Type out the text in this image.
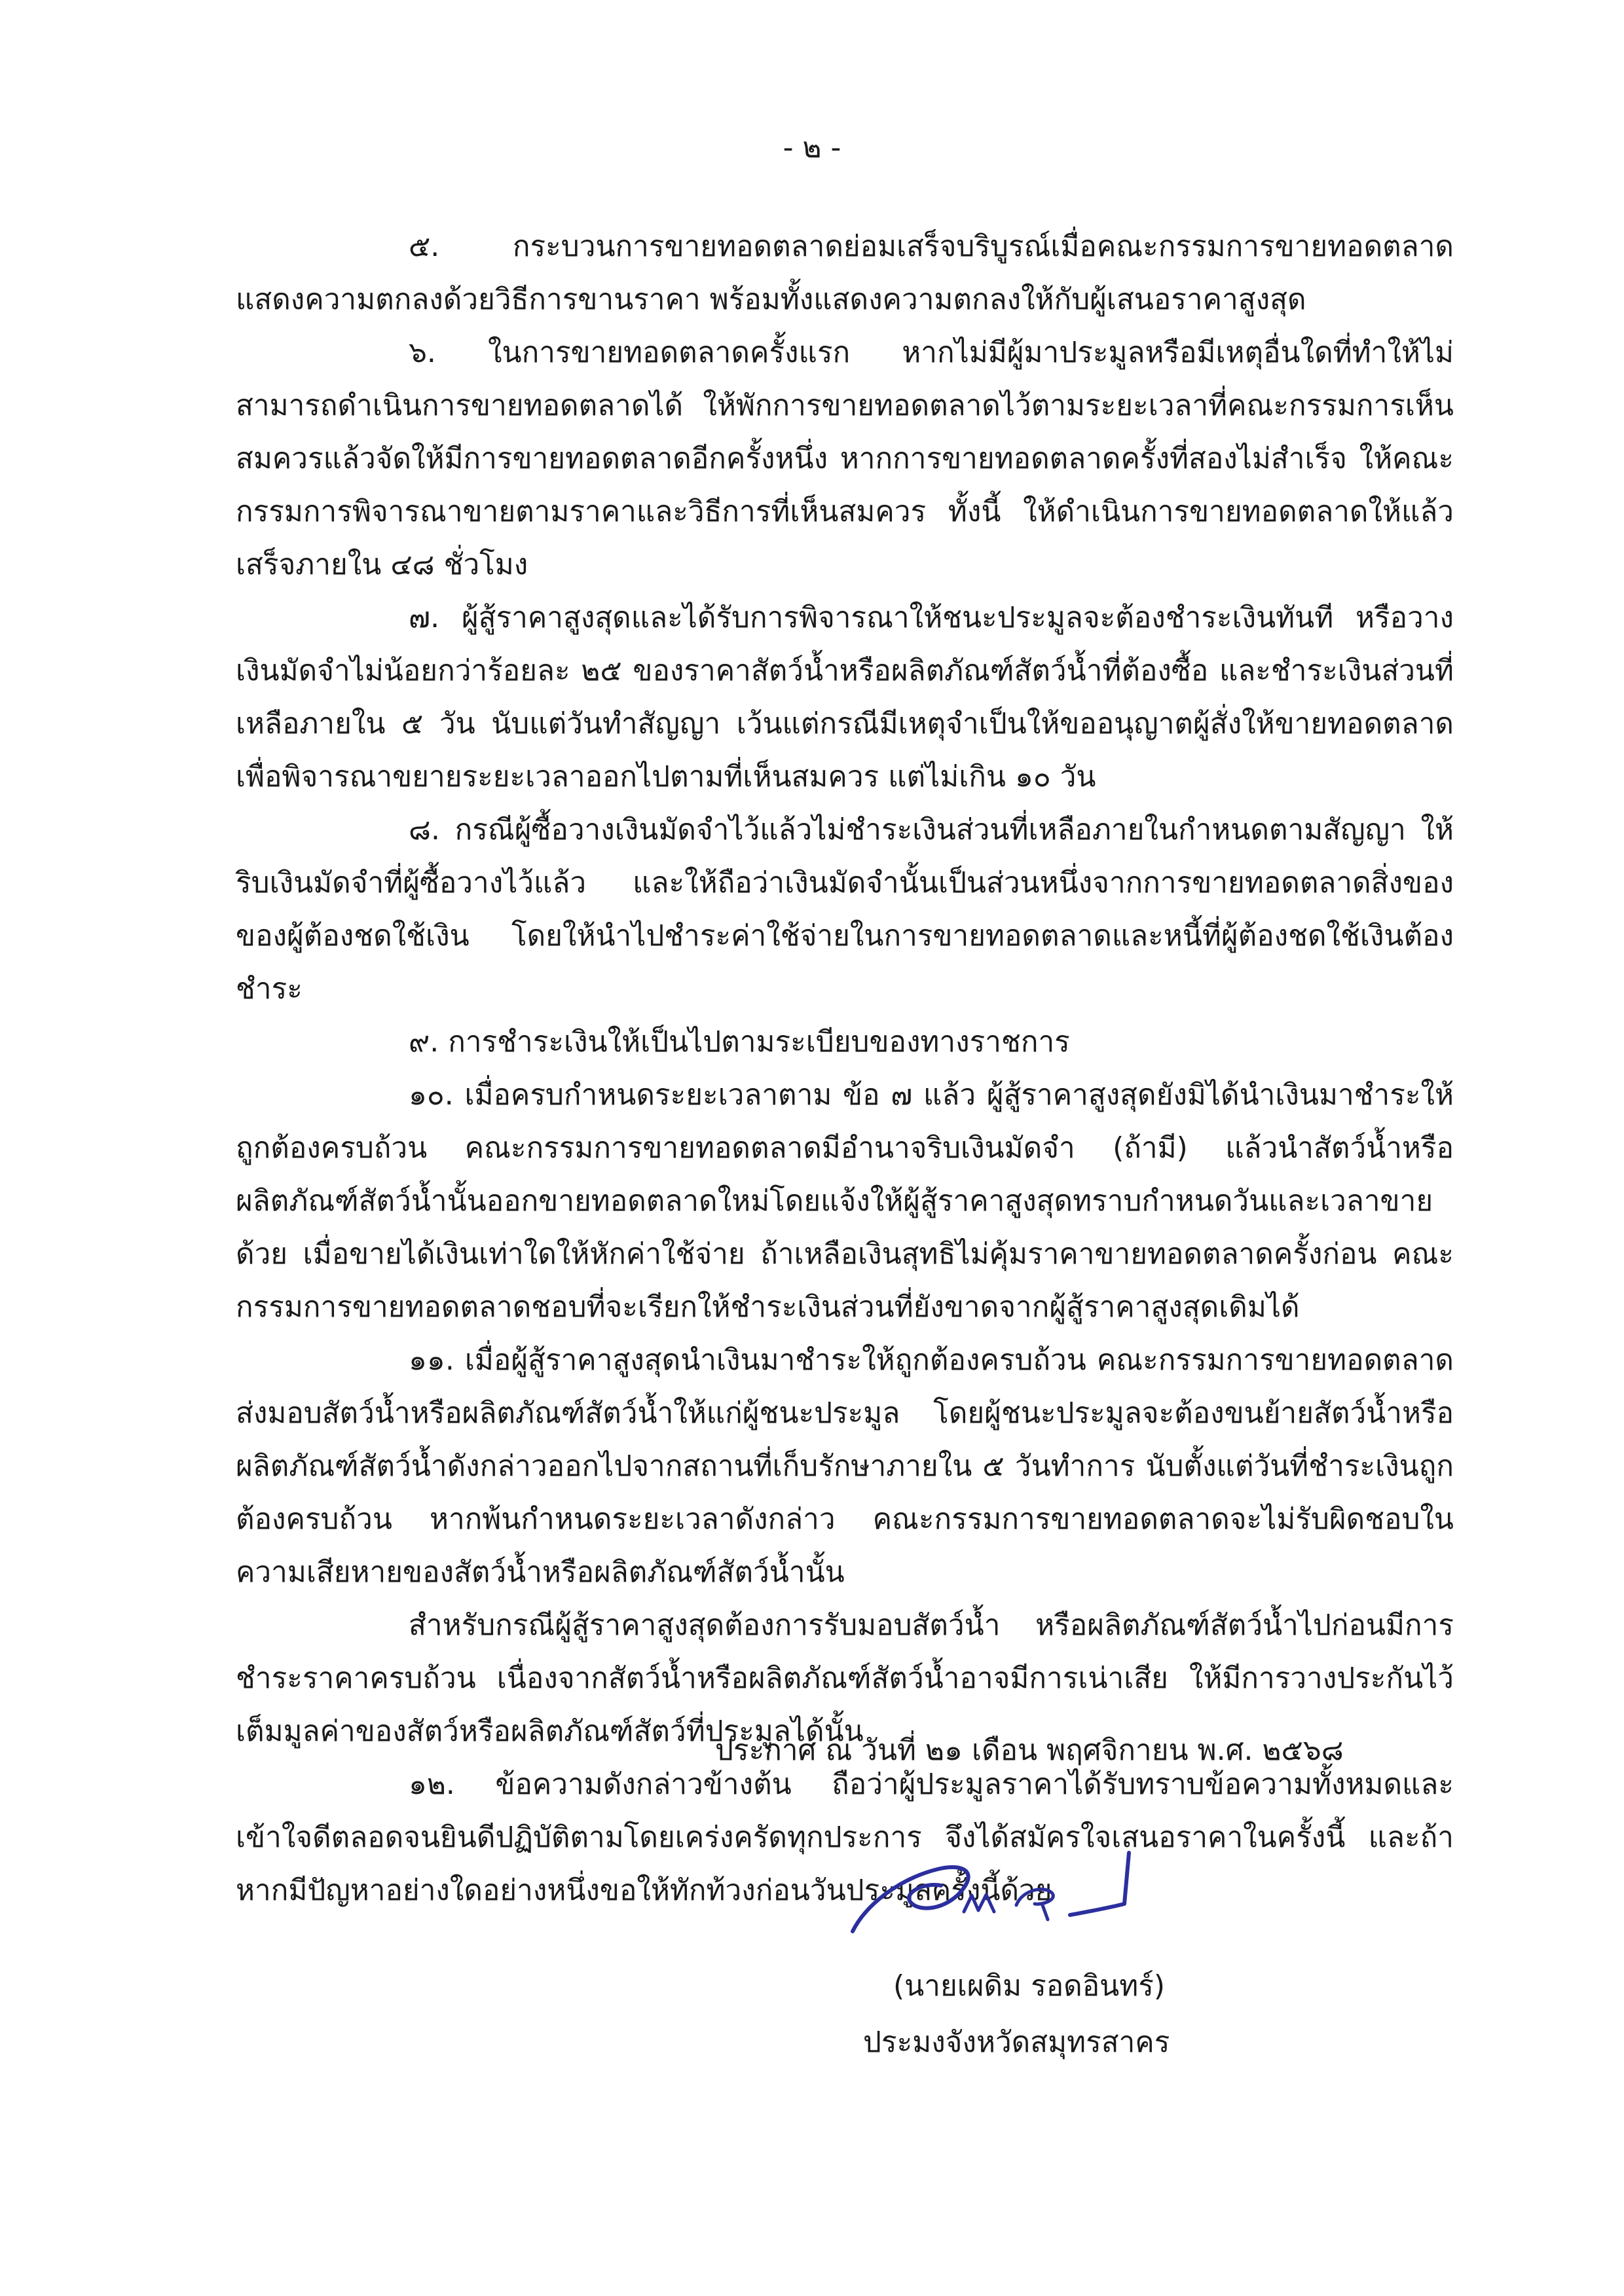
- ๒ -

๕. กระบวนการขายทอดตลาดย่อมเสร็จบริบูรณ์เมื่อคณะกรรมการขายทอดตลาดแสดงความตกลงด้วยวิธีการขานราคา พร้อมทั้งแสดงความตกลงให้กับผู้เสนอราคาสูงสุด

๖. ในการขายทอดตลาดครั้งแรก หากไม่มีผู้มาประมูลหรือมีเหตุอื่นใดที่ทำให้ไม่สามารถดำเนินการขายทอดตลาดได้ ให้พักการขายทอดตลาดไว้ตามระยะเวลาที่คณะกรรมการเห็นสมควรแล้วจัดให้มีการขายทอดตลาดอีกครั้งหนึ่ง หากการขายทอดตลาดครั้งที่สองไม่สำเร็จ ให้คณะกรรมการพิจารณาขายตามราคาและวิธีการที่เห็นสมควร ทั้งนี้ ให้ดำเนินการขายทอดตลาดให้แล้วเสร็จภายใน ๔๘ ชั่วโมง

๗. ผู้สู้ราคาสูงสุดและได้รับการพิจารณาให้ชนะประมูลจะต้องชำระเงินทันที หรือวางเงินมัดจำไม่น้อยกว่าร้อยละ ๒๕ ของราคาสัตว์น้ำหรือผลิตภัณฑ์สัตว์น้ำที่ต้องซื้อ และชำระเงินส่วนที่เหลือภายใน ๕ วัน นับแต่วันทำสัญญา เว้นแต่กรณีมีเหตุจำเป็นให้ขออนุญาตผู้สั่งให้ขายทอดตลาดเพื่อพิจารณาขยายระยะเวลาออกไปตามที่เห็นสมควร แต่ไม่เกิน ๑๐ วัน

๘. กรณีผู้ซื้อวางเงินมัดจำไว้แล้วไม่ชำระเงินส่วนที่เหลือภายในกำหนดตามสัญญา ให้ริบเงินมัดจำที่ผู้ซื้อวางไว้แล้ว และให้ถือว่าเงินมัดจำนั้นเป็นส่วนหนึ่งจากการขายทอดตลาดสิ่งของของผู้ต้องชดใช้เงิน โดยให้นำไปชำระค่าใช้จ่ายในการขายทอดตลาดและหนี้ที่ผู้ต้องชดใช้เงินต้องชำระ

๙. การชำระเงินให้เป็นไปตามระเบียบของทางราชการ

๑๐. เมื่อครบกำหนดระยะเวลาตาม ข้อ ๗ แล้ว ผู้สู้ราคาสูงสุดยังมิได้นำเงินมาชำระให้ถูกต้องครบถ้วน คณะกรรมการขายทอดตลาดมีอำนาจริบเงินมัดจำ (ถ้ามี) แล้วนำสัตว์น้ำหรือผลิตภัณฑ์สัตว์น้ำนั้นออกขายทอดตลาดใหม่โดยแจ้งให้ผู้สู้ราคาสูงสุดทราบกำหนดวันและเวลาขายด้วย เมื่อขายได้เงินเท่าใดให้หักค่าใช้จ่าย ถ้าเหลือเงินสุทธิไม่คุ้มราคาขายทอดตลาดครั้งก่อน คณะกรรมการขายทอดตลาดชอบที่จะเรียกให้ชำระเงินส่วนที่ยังขาดจากผู้สู้ราคาสูงสุดเดิมได้

๑๑. เมื่อผู้สู้ราคาสูงสุดนำเงินมาชำระให้ถูกต้องครบถ้วน คณะกรรมการขายทอดตลาดส่งมอบสัตว์น้ำหรือผลิตภัณฑ์สัตว์น้ำให้แก่ผู้ชนะประมูล โดยผู้ชนะประมูลจะต้องขนย้ายสัตว์น้ำหรือผลิตภัณฑ์สัตว์น้ำดังกล่าวออกไปจากสถานที่เก็บรักษาภายใน ๕ วันทำการ นับตั้งแต่วันที่ชำระเงินถูกต้องครบถ้วน หากพ้นกำหนดระยะเวลาดังกล่าว คณะกรรมการขายทอดตลาดจะไม่รับผิดชอบในความเสียหายของสัตว์น้ำหรือผลิตภัณฑ์สัตว์น้ำนั้น

สำหรับกรณีผู้สู้ราคาสูงสุดต้องการรับมอบสัตว์น้ำ หรือผลิตภัณฑ์สัตว์น้ำไปก่อนมีการชำระราคาครบถ้วน เนื่องจากสัตว์น้ำหรือผลิตภัณฑ์สัตว์น้ำอาจมีการเน่าเสีย ให้มีการวางประกันไว้เต็มมูลค่าของสัตว์หรือผลิตภัณฑ์สัตว์ที่ประมูลได้นั้น

๑๒. ข้อความดังกล่าวข้างต้น ถือว่าผู้ประมูลราคาได้รับทราบข้อความทั้งหมดและเข้าใจดีตลอดจนยินดีปฏิบัติตามโดยเคร่งครัดทุกประการ จึงได้สมัครใจเสนอราคาในครั้งนี้ และถ้าหากมีปัญหาอย่างใดอย่างหนึ่งขอให้ทักท้วงก่อนวันประมูลครั้งนี้ด้วย

ประกาศ ณ วันที่ ๒๑ เดือน พฤศจิกายน พ.ศ. ๒๕๖๘
(นายเผดิม รอดอินทร์)
ประมงจังหวัดสมุทรสาคร
